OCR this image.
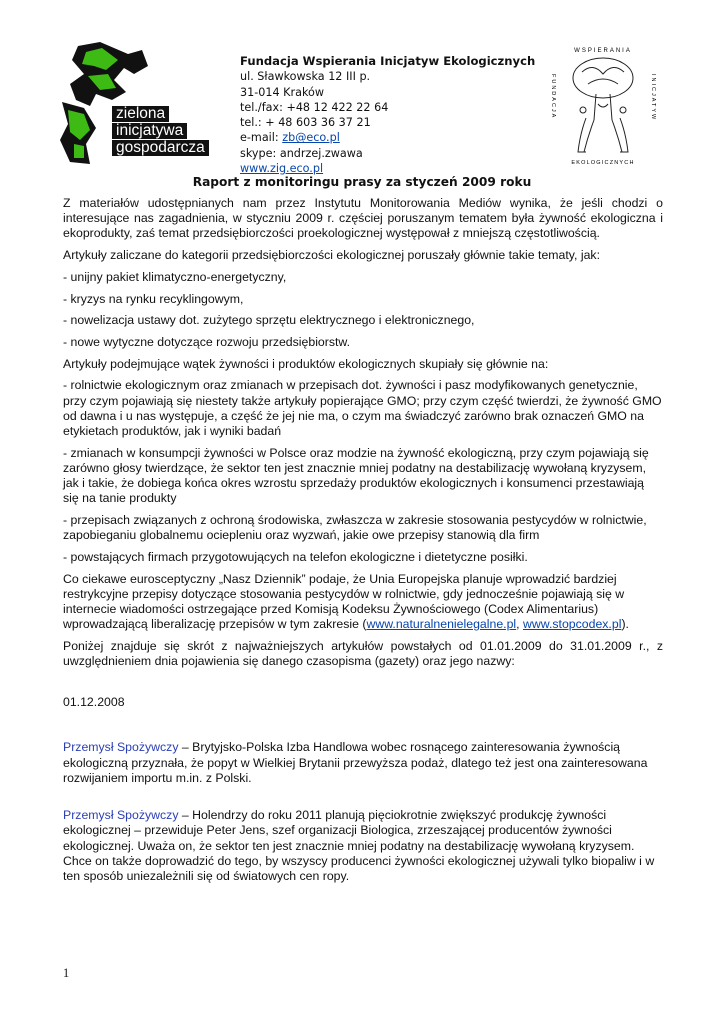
zielona
inicjatywa
gospodarcza
Fundacja Wspierania Inicjatyw Ekologicznych
ul. Sławkowska 12 III p.
31-014 Kraków
tel./fax: +48 12 422 22 64
tel.: + 48 603 36 37 21
e-mail: zb@eco.pl
skype: andrzej.zwawa
www.zig.eco.pl
WSPIERANIA
EKOLOGICZNYCH
FUNDACJA	INICJATYW
Raport z monitoringu prasy za styczeń 2009 roku

Z materiałów udostępnianych nam przez Instytutu Monitorowania Mediów wynika, że jeśli chodzi o interesujące nas zagadnienia, w styczniu 2009 r. częściej poruszanym tematem była żywność ekologiczna i ekoprodukty, zaś temat przedsiębiorczości proekologicznej występował z mniejszą częstotliwością.

Artykuły zaliczane do kategorii przedsiębiorczości ekologicznej poruszały głównie takie tematy, jak:

- unijny pakiet klimatyczno-energetyczny,

- kryzys na rynku recyklingowym,

- nowelizacja ustawy dot. zużytego sprzętu elektrycznego i elektronicznego,

- nowe wytyczne dotyczące rozwoju przedsiębiorstw.

Artykuły podejmujące wątek żywności i produktów ekologicznych skupiały się głównie na:

- rolnictwie ekologicznym oraz zmianach w przepisach dot. żywności i pasz modyfikowanych genetycznie, przy czym pojawiają się niestety także artykuły popierające GMO; przy czym część twierdzi, że żywność GMO od dawna i u nas występuje, a część że jej nie ma, o czym ma świadczyć zarówno brak oznaczeń GMO na etykietach produktów, jak i wyniki badań

- zmianach w konsumpcji żywności w Polsce oraz modzie na żywność ekologiczną, przy czym pojawiają się zarówno głosy twierdzące, że sektor ten jest znacznie mniej podatny na destabilizację wywołaną kryzysem, jak i takie, że dobiega końca okres wzrostu sprzedaży produktów ekologicznych i konsumenci przestawiają się na tanie produkty

- przepisach związanych z ochroną środowiska, zwłaszcza w zakresie stosowania pestycydów w rolnictwie, zapobieganiu globalnemu ociepleniu oraz wyzwań, jakie owe przepisy stanowią dla firm

- powstających firmach przygotowujących na telefon ekologiczne i dietetyczne posiłki.

Co ciekawe eurosceptyczny „Nasz Dziennik” podaje, że Unia Europejska planuje wprowadzić bardziej restrykcyjne przepisy dotyczące stosowania pestycydów w rolnictwie, gdy jednocześnie pojawiają się w internecie wiadomości ostrzegające przed Komisją Kodeksu Żywnościowego (Codex Alimentarius) wprowadzającą liberalizację przepisów w tym zakresie (www.naturalnenielegalne.pl, www.stopcodex.pl).

Poniżej znajduje się skrót z najważniejszych artykułów powstałych od 01.01.2009 do 31.01.2009 r., z uwzględnieniem dnia pojawienia się danego czasopisma (gazety) oraz jego nazwy:

01.12.2008

Przemysł Spożywczy – Brytyjsko-Polska Izba Handlowa wobec rosnącego zainteresowania żywnością ekologiczną przyznała, że popyt w Wielkiej Brytanii przewyższa podaż, dlatego też jest ona zainteresowana rozwijaniem importu m.in. z Polski.

Przemysł Spożywczy – Holendrzy do roku 2011 planują pięciokrotnie zwiększyć produkcję żywności ekologicznej – przewiduje Peter Jens, szef organizacji Biologica, zrzeszającej producentów żywności ekologicznej. Uważa on, że sektor ten jest znacznie mniej podatny na destabilizację wywołaną kryzysem. Chce on także doprowadzić do tego, by wszyscy producenci żywności ekologicznej używali tylko biopaliw i w ten sposób uniezależnili się od światowych cen ropy.

1
